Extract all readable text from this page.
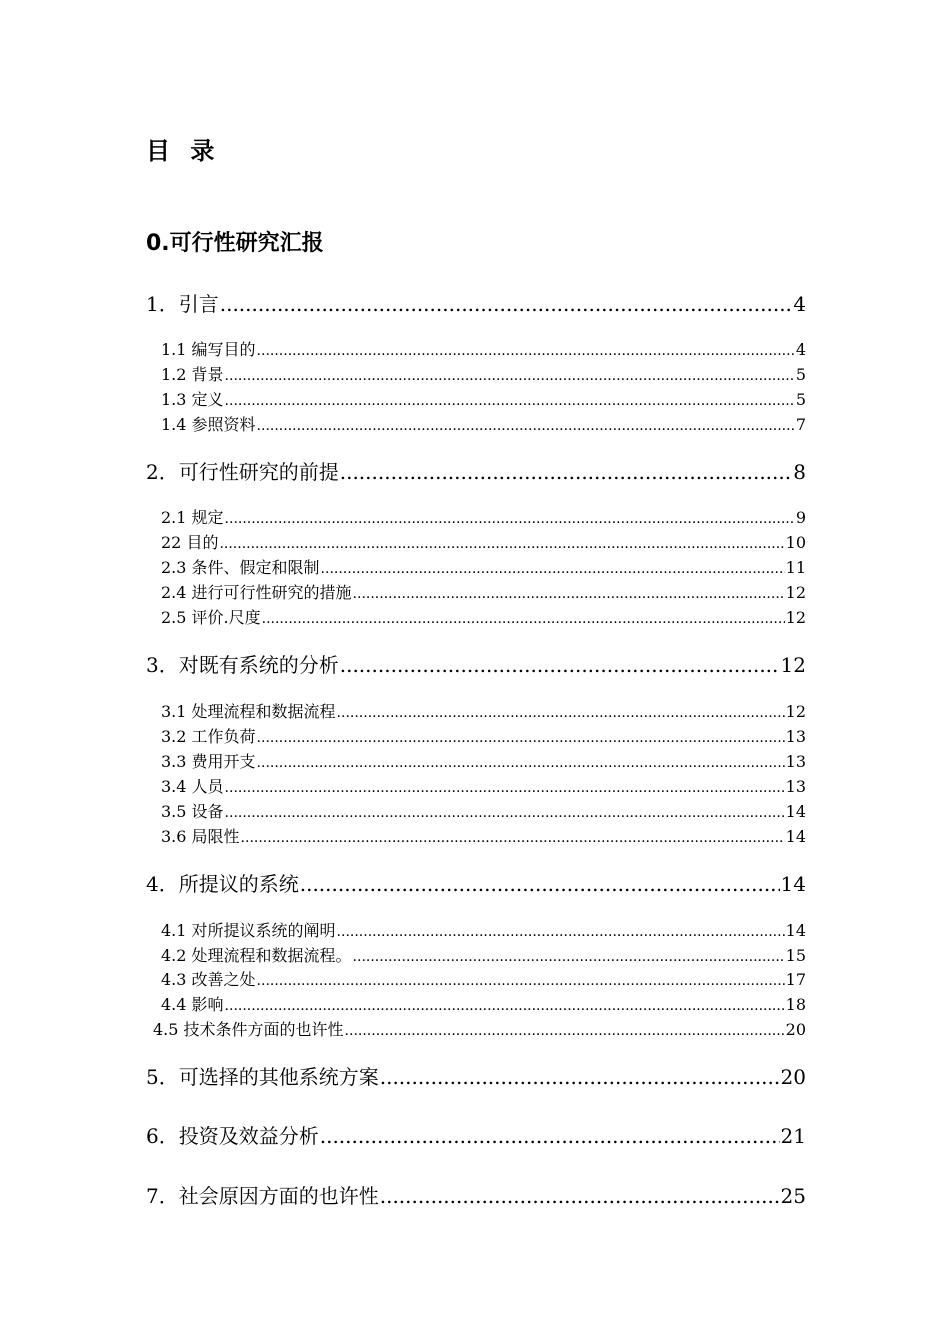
目 录
0.可行性研究汇报
1．引言 .....	4
1.1 编写目的 .....	4
1.2 背景 .....	5
1.3 定义 .....	5
1.4 参照资料 .....	7
2．可行性研究的前提 .....	8
2.1 规定 .....	9
22 目的 .....	10
2.3 条件、假定和限制 .....	11
2.4 进行可行性研究的措施 .....	12
2.5 评价.尺度 .....	12
3．对既有系统的分析 .....	12
3.1 处理流程和数据流程 .....	12
3.2 工作负荷 .....	13
3.3 费用开支 .....	13
3.4 人员 .....	13
3.5 设备 .....	14
3.6 局限性 .....	14
4．所提议的系统 .....	14
4.1 对所提议系统的阐明 .....	14
4.2 处理流程和数据流程。 .....	15
4.3 改善之处 .....	17
4.4 影响 .....	18
4.5 技术条件方面的也许性 .....	20
5．可选择的其他系统方案 .....	20
6．投资及效益分析 .....	21
7．社会原因方面的也许性 .....	25
